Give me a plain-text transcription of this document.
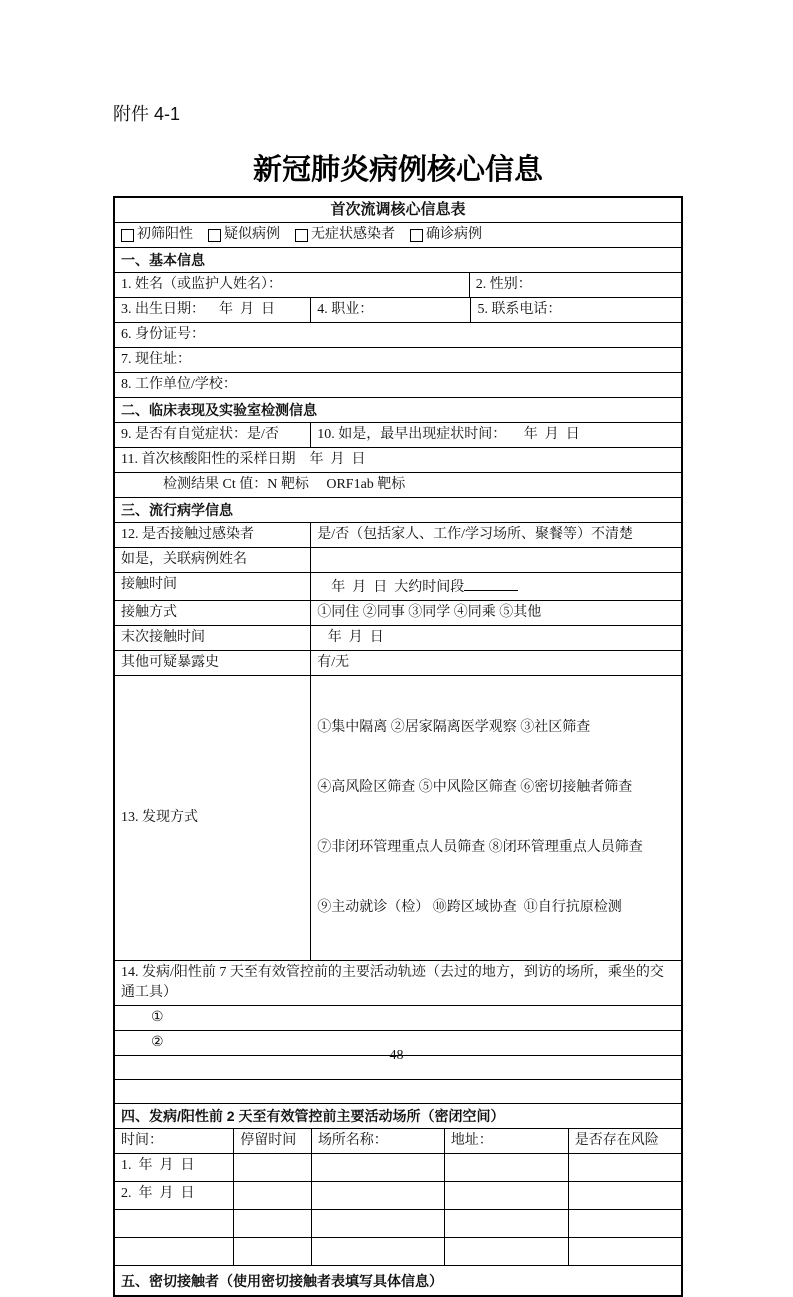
附件 4-1
新冠肺炎病例核心信息
首次流调核心信息表
初筛阳性 疑似病例 无症状感染者 确诊病例
一、基本信息
1. 姓名（或监护人姓名）：	2. 性别：
3. 出生日期：    年  月  日	4. 职业：	5. 联系电话：
6. 身份证号：
7. 现住址：
8. 工作单位/学校：
二、临床表现及实验室检测信息
9. 是否有自觉症状：是/否	10. 如是，最早出现症状时间：     年  月  日
11. 首次核酸阳性的采样日期    年  月  日
检测结果 Ct 值：N 靶标     ORF1ab 靶标
三、流行病学信息
12. 是否接触过感染者	是/否（包括家人、工作/学习场所、聚餐等）不清楚
如是，关联病例姓名
接触时间	年  月  日  大约时间段
接触方式	①同住 ②同事 ③同学 ④同乘 ⑤其他
末次接触时间	年  月  日
其他可疑暴露史	有/无
13. 发现方式

①集中隔离 ②居家隔离医学观察 ③社区筛查

④高风险区筛查 ⑤中风险区筛查 ⑥密切接触者筛查

⑦非闭环管理重点人员筛查 ⑧闭环管理重点人员筛查

⑨主动就诊（检） ⑩跨区域协查  ⑪自行抗原检测

14. 发病/阳性前 7 天至有效管控前的主要活动轨迹（去过的地方，到访的场所，乘坐的交通工具）
①
②
四、发病/阳性前 2 天至有效管控前主要活动场所（密闭空间）
时间：	停留时间	场所名称：	地址：	是否存在风险
1.  年  月  日
2.  年  月  日
五、密切接触者（使用密切接触者表填写具体信息）
48
